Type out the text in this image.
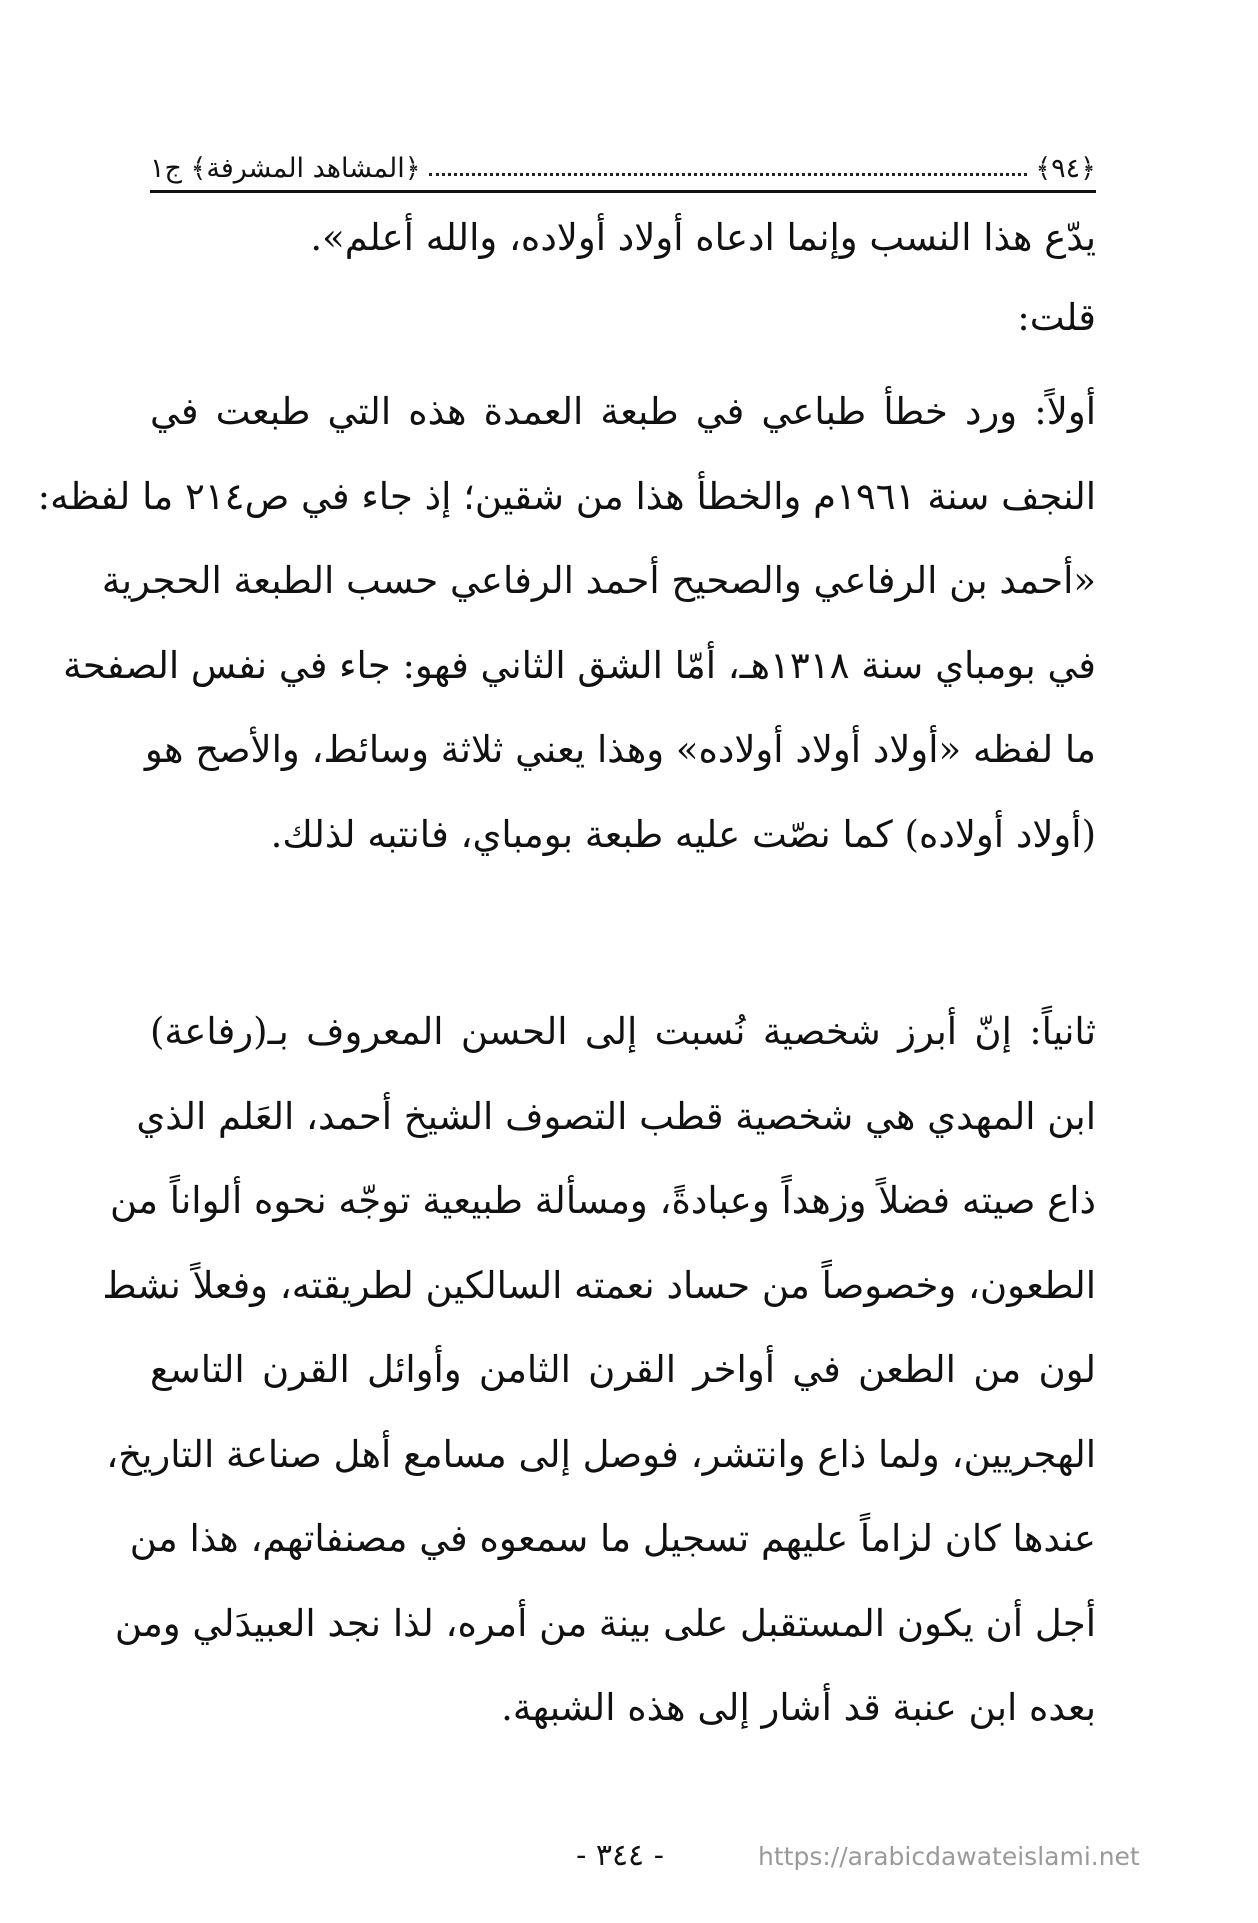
﴿٩٤﴾
﴿المشاهد المشرفة﴾ ج١
يدّع هذا النسب وإنما ادعاه أولاد أولاده، والله أعلم».
قلت:
أولاً: ورد خطأ طباعي في طبعة العمدة هذه التي طبعت في
النجف سنة ١٩٦١م والخطأ هذا من شقين؛ إذ جاء في ص٢١٤ ما لفظه:
«أحمد بن الرفاعي والصحيح أحمد الرفاعي حسب الطبعة الحجرية
في بومباي سنة ١٣١٨هـ، أمّا الشق الثاني فهو: جاء في نفس الصفحة
ما لفظه «أولاد أولاد أولاده» وهذا يعني ثلاثة وسائط، والأصح هو
(أولاد أولاده) كما نصّت عليه طبعة بومباي، فانتبه لذلك.
ثانياً: إنّ أبرز شخصية نُسبت إلى الحسن المعروف بـ(رفاعة)
ابن المهدي هي شخصية قطب التصوف الشيخ أحمد، العَلم الذي
ذاع صيته فضلاً وزهداً وعبادةً، ومسألة طبيعية توجّه نحوه ألواناً من
الطعون، وخصوصاً من حساد نعمته السالكين لطريقته، وفعلاً نشط
لون من الطعن في أواخر القرن الثامن وأوائل القرن التاسع
الهجريين، ولما ذاع وانتشر، فوصل إلى مسامع أهل صناعة التاريخ،
عندها كان لزاماً عليهم تسجيل ما سمعوه في مصنفاتهم، هذا من
أجل أن يكون المستقبل على بينة من أمره، لذا نجد العبيدَلي ومن
بعده ابن عنبة قد أشار إلى هذه الشبهة.
- ٣٤٤ -	https://arabicdawateislami.net
